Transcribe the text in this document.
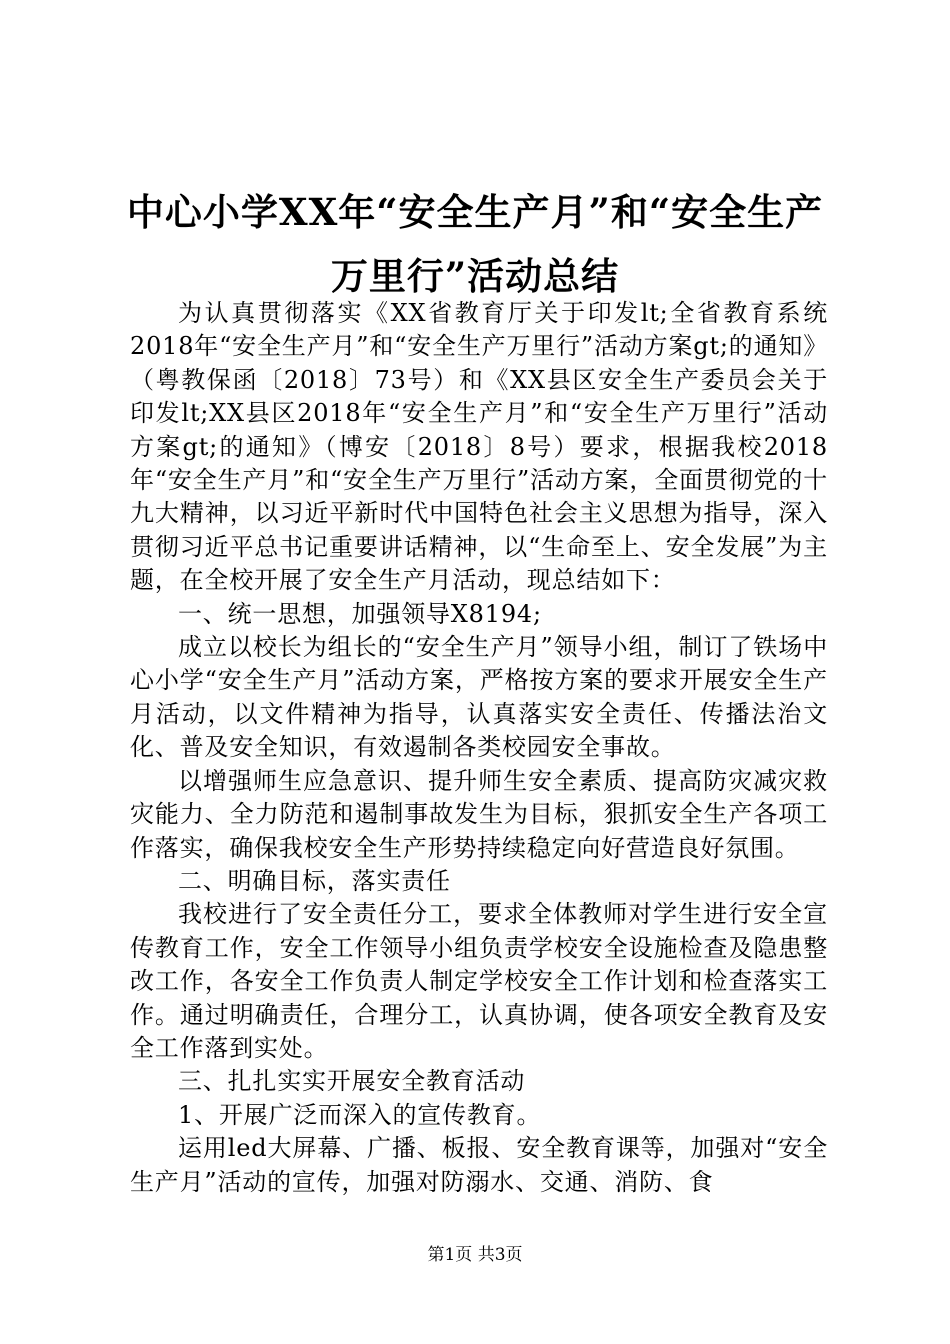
中心小学XX年“安全生产月”和“安全生产
万里行”活动总结

为认真贯彻落实《XX省教育厅关于印发lt;全省教育系统2018年“安全生产月”和“安全生产万里行”活动方案gt;的通知》（粤教保函〔2018〕73号）和《XX县区安全生产委员会关于印发lt;XX县区2018年“安全生产月”和“安全生产万里行”活动方案gt;的通知》（博安〔2018〕8号）要求，根据我校2018年“安全生产月”和“安全生产万里行”活动方案，全面贯彻党的十九大精神，以习近平新时代中国特色社会主义思想为指导，深入贯彻习近平总书记重要讲话精神，以“生命至上、安全发展”为主题，在全校开展了安全生产月活动，现总结如下：

一、统一思想，加强领导X8194;

成立以校长为组长的“安全生产月”领导小组，制订了铁场中心小学“安全生产月”活动方案，严格按方案的要求开展安全生产月活动，以文件精神为指导，认真落实安全责任、传播法治文化、普及安全知识，有效遏制各类校园安全事故。

以增强师生应急意识、提升师生安全素质、提高防灾减灾救灾能力、全力防范和遏制事故发生为目标，狠抓安全生产各项工作落实，确保我校安全生产形势持续稳定向好营造良好氛围。

二、明确目标，落实责任

我校进行了安全责任分工，要求全体教师对学生进行安全宣传教育工作，安全工作领导小组负责学校安全设施检查及隐患整改工作，各安全工作负责人制定学校安全工作计划和检查落实工作。通过明确责任，合理分工，认真协调，使各项安全教育及安全工作落到实处。

三、扎扎实实开展安全教育活动

1、开展广泛而深入的宣传教育。

运用led大屏幕、广播、板报、安全教育课等，加强对“安全生产月”活动的宣传，加强对防溺水、交通、消防、食

第1页 共3页
